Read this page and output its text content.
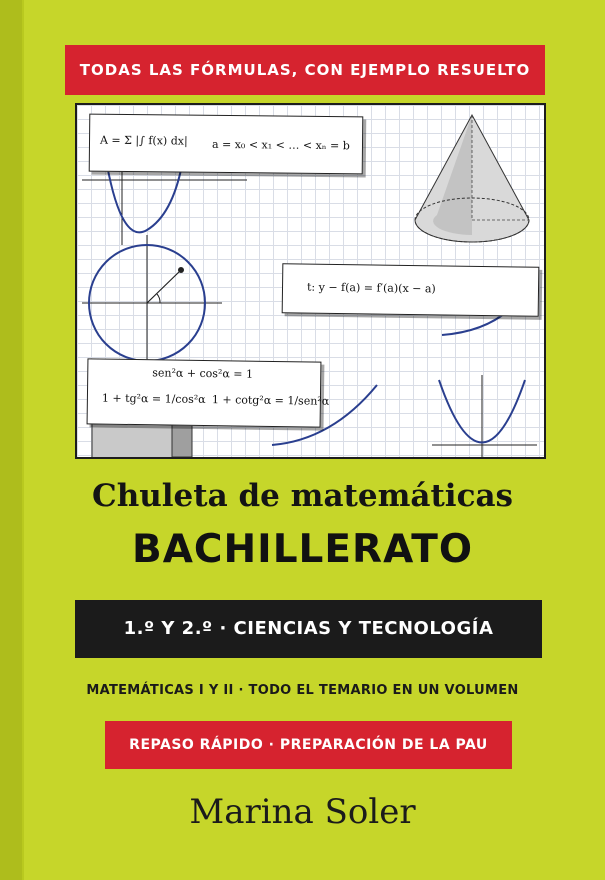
TODAS LAS FÓRMULAS, CON EJEMPLO RESUELTO
A = Σ |∫ f(x) dx| a = x₀ < x₁ < … < xₙ = b
t: y − f(a) = f′(a)(x − a)
sen²α + cos²α = 1
1 + tg²α = 1/cos²α 1 + cotg²α = 1/sen²α
Chuleta de matemáticas
BACHILLERATO
1.º Y 2.º · CIENCIAS Y TECNOLOGÍA
MATEMÁTICAS I Y II · TODO EL TEMARIO EN UN VOLUMEN
REPASO RÁPIDO · PREPARACIÓN DE LA PAU
Marina Soler
